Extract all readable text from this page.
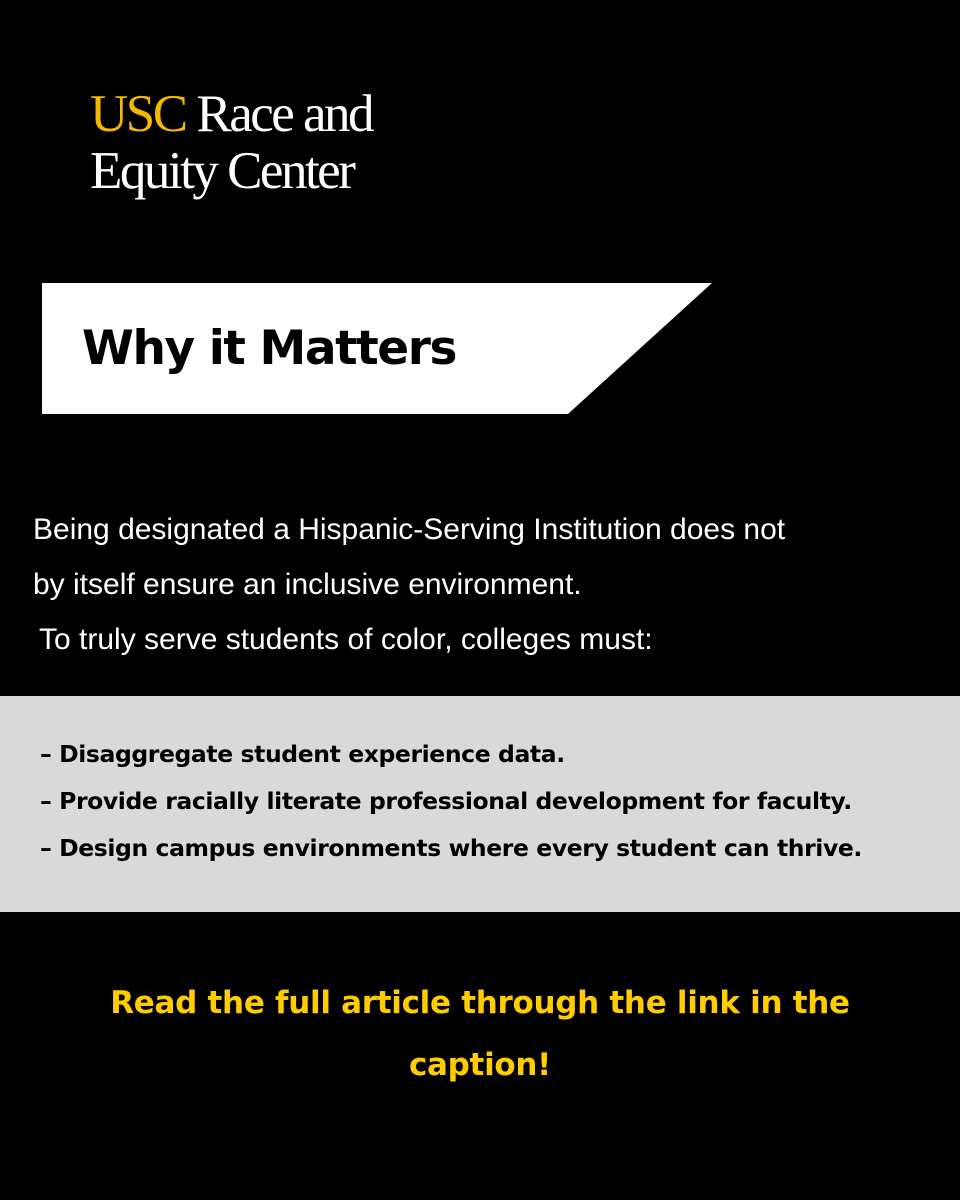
USC Race and
Equity Center
Why it Matters
Being designated a Hispanic-Serving Institution does not
by itself ensure an inclusive environment.
To truly serve students of color, colleges must:
– Disaggregate student experience data.
– Provide racially literate professional development for faculty.
– Design campus environments where every student can thrive.
Read the full article through the link in the caption!
